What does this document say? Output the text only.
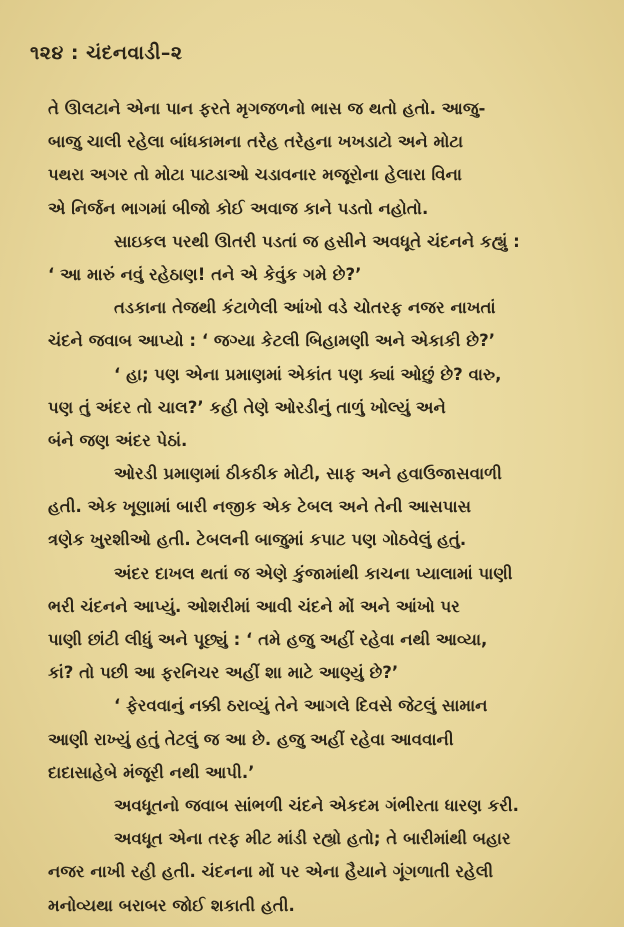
૧૨૪ : ચંદનવાડી–૨
તે ઊલટાને એના પાન ફરતે મૃગજળનો ભાસ જ થતો હતો. આજુ-
બાજુ ચાલી રહેલા બાંધકામના તરેહ તરેહના ખખડાટો અને મોટા
પથરા અગર તો મોટા પાટડાઓ ચડાવનાર મજૂરોના હેલારા વિના
એ નિર્જન ભાગમાં બીજો કોઈ અવાજ કાને પડતો નહોતો.
સાઇકલ પરથી ઊતરી પડતાં જ હસીને અવધૂતે ચંદનને કહ્યું :
‘ આ મારું નવું રહેઠાણ! તને એ કેવુંક ગમે છે?’
તડકાના તેજથી કંટાળેલી આંખો વડે ચોતરફ નજર નાખતાં
ચંદને જવાબ આપ્યો : ‘ જગ્યા કેટલી બિહામણી અને એકાકી છે?’
‘ હા; પણ એના પ્રમાણમાં એકાંત પણ ક્યાં ઓછું છે? વારુ,
પણ તું અંદર તો ચાલ?’ કહી તેણે ઓરડીનું તાળું ખોલ્યું અને
બંને જણ અંદર પેઠાં.
ઓરડી પ્રમાણમાં ઠીકઠીક મોટી, સાફ અને હવાઉજાસવાળી
હતી. એક ખૂણામાં બારી નજીક એક ટેબલ અને તેની આસપાસ
ત્રણેક ખુરશીઓ હતી. ટેબલની બાજુમાં કપાટ પણ ગોઠવેલું હતું.
અંદર દાખલ થતાં જ એણે કુંજામાંથી કાચના પ્યાલામાં પાણી
ભરી ચંદનને આપ્યું. ઓશરીમાં આવી ચંદને મોં અને આંખો પર
પાણી છાંટી લીધું અને પૂછ્યું : ‘ તમે હજુ અહીં રહેવા નથી આવ્યા,
કાં? તો પછી આ ફરનિચર અહીં શા માટે આણ્યું છે?’
‘ ફેરવવાનું નક્કી ઠરાવ્યું તેને આગલે દિવસે જેટલું સામાન
આણી રાખ્યું હતું તેટલું જ આ છે. હજુ અહીં રહેવા આવવાની
દાદાસાહેબે મંજૂરી નથી આપી.’
અવધૂતનો જવાબ સાંભળી ચંદને એકદમ ગંભીરતા ધારણ કરી.
અવધૂત એના તરફ મીટ માંડી રહ્યો હતો; તે બારીમાંથી બહાર
નજર નાખી રહી હતી. ચંદનના મોં પર એના હૈયાને ગૂંગળાતી રહેલી
મનોવ્યથા બરાબર જોઈ શકાતી હતી.
